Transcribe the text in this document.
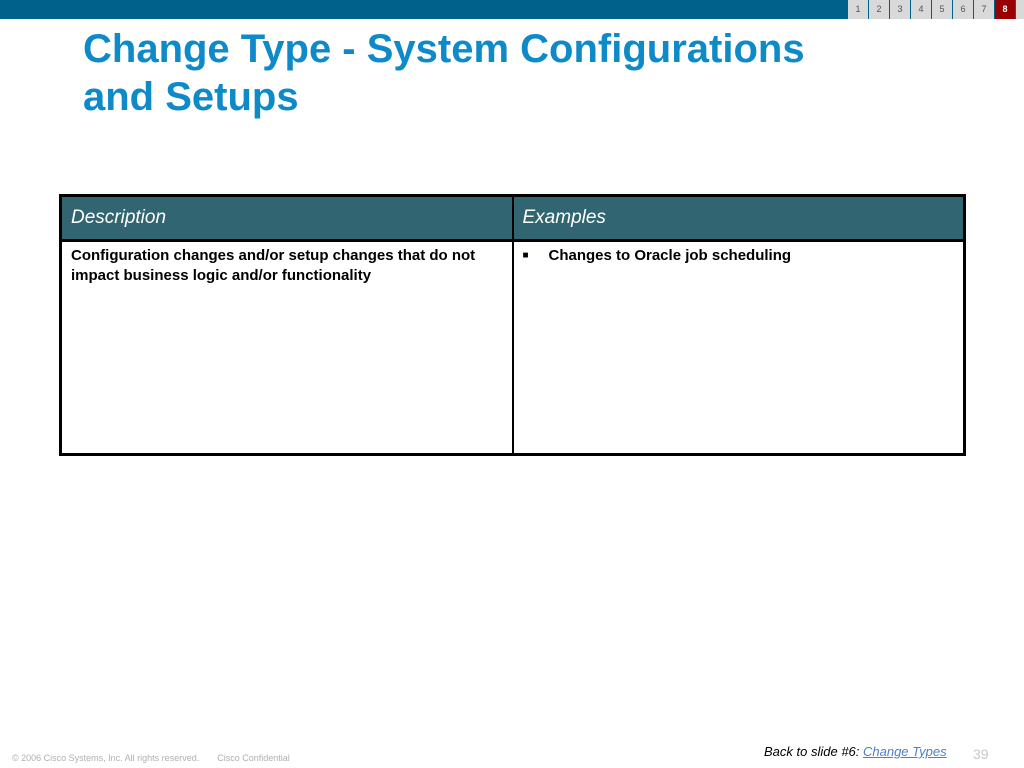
1	2	3	4	5	6	7	8
Change Type - System Configurations
and Setups
Description	Examples
Configuration changes and/or setup changes that do not impact business logic and/or functionality	■ Changes to Oracle job scheduling
© 2006 Cisco Systems, Inc. All rights reserved. Cisco Confidential	Back to slide #6: Change Types 39
